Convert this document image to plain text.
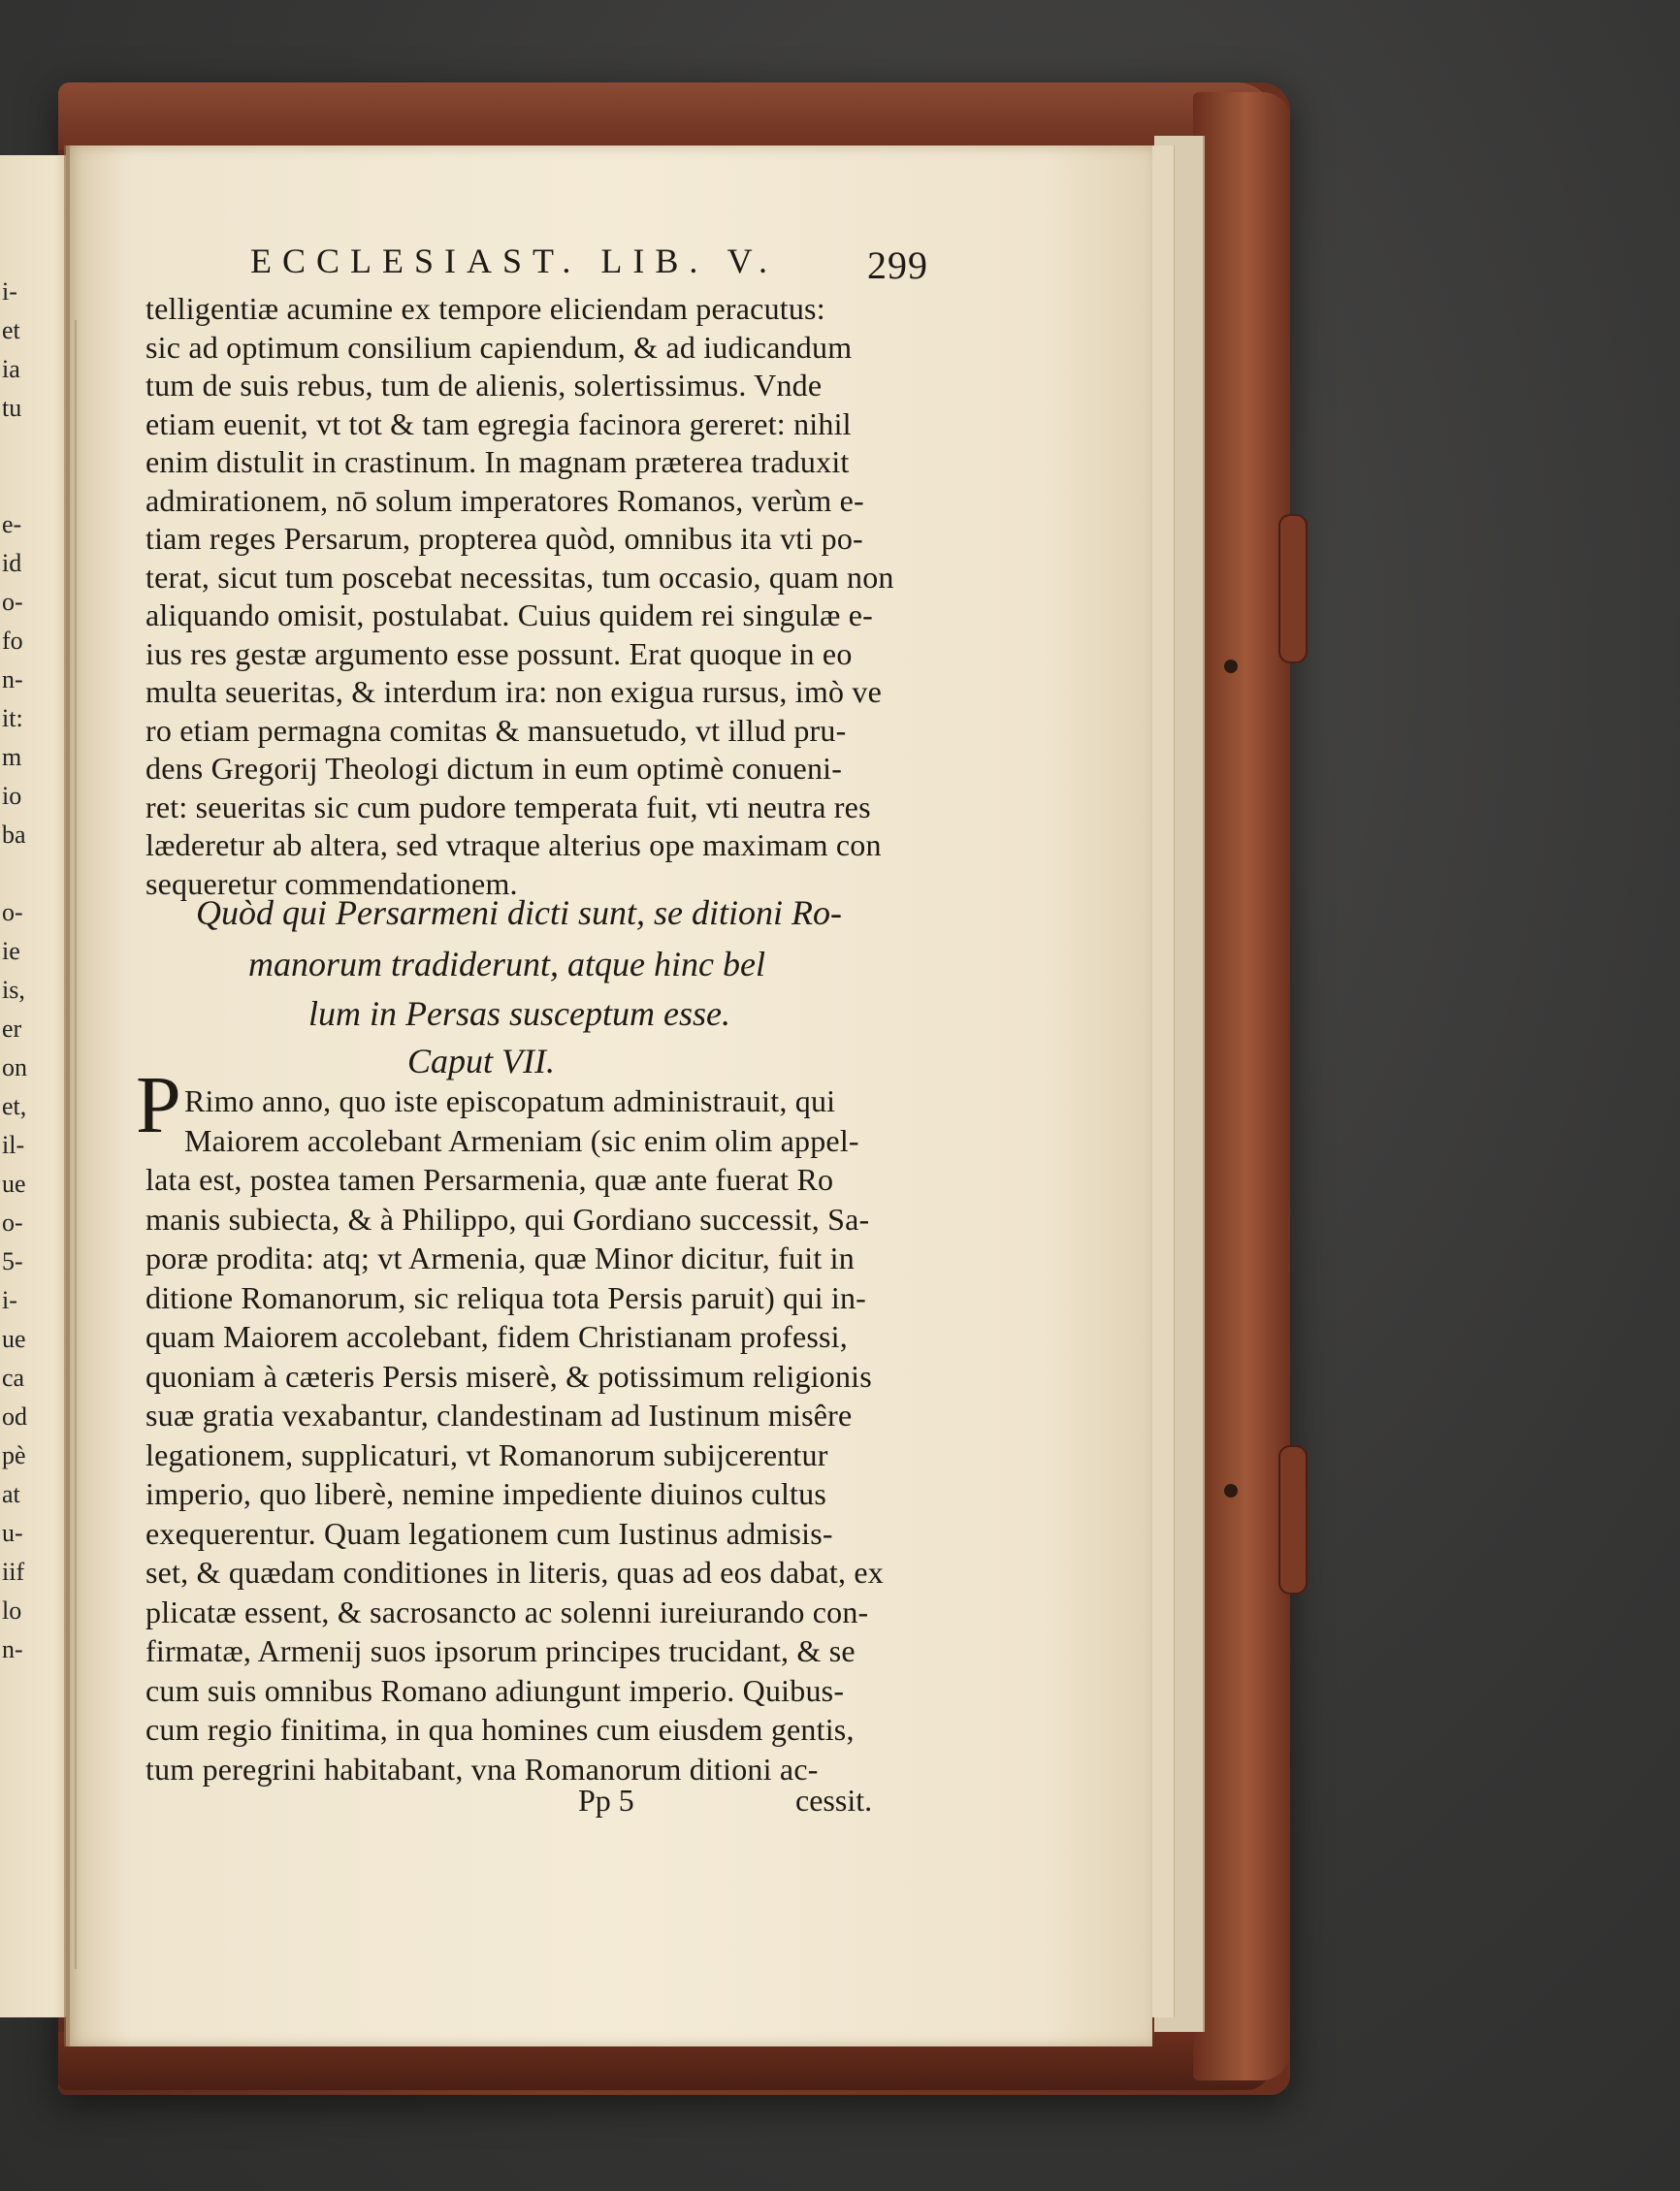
i-
et
ia
tu
e-
id
o-
fo
n-
it:
m
io
ba
o-
ie
is,
er
on
et,
il-
ue
o-
5-
i-
ue
ca
od
pè
at
u-
iif
lo
n-
ECCLESIAST. LIB. V. 299
telligentiæ acumine ex tempore eliciendam peracutus:
sic ad optimum consilium capiendum, & ad iudicandum
tum de suis rebus, tum de alienis, solertissimus. Vnde
etiam euenit, vt tot & tam egregia facinora gereret: nihil
enim distulit in crastinum. In magnam præterea traduxit
admirationem, nō solum imperatores Romanos, verùm e-
tiam reges Persarum, propterea quòd, omnibus ita vti po-
terat, sicut tum poscebat necessitas, tum occasio, quam non
aliquando omisit, postulabat. Cuius quidem rei singulæ e-
ius res gestæ argumento esse possunt. Erat quoque in eo
multa seueritas, & interdum ira: non exigua rursus, imò ve
ro etiam permagna comitas & mansuetudo, vt illud pru-
dens Gregorij Theologi dictum in eum optimè conueni-
ret: seueritas sic cum pudore temperata fuit, vti neutra res
læderetur ab altera, sed vtraque alterius ope maximam con
sequeretur commendationem.
Quòd qui Persarmeni dicti sunt, se ditioni Ro-
manorum tradiderunt, atque hinc bel
lum in Persas susceptum esse.
Caput VII.
P Rimo anno, quo iste episcopatum administrauit, qui
Maiorem accolebant Armeniam (sic enim olim appel-
lata est, postea tamen Persarmenia, quæ ante fuerat Ro
manis subiecta, & à Philippo, qui Gordiano successit, Sa-
poræ prodita: atq; vt Armenia, quæ Minor dicitur, fuit in
ditione Romanorum, sic reliqua tota Persis paruit) qui in-
quam Maiorem accolebant, fidem Christianam professi,
quoniam à cæteris Persis miserè, & potissimum religionis
suæ gratia vexabantur, clandestinam ad Iustinum misêre
legationem, supplicaturi, vt Romanorum subijcerentur
imperio, quo liberè, nemine impediente diuinos cultus
exequerentur. Quam legationem cum Iustinus admisis-
set, & quædam conditiones in literis, quas ad eos dabat, ex
plicatæ essent, & sacrosancto ac solenni iureiurando con-
firmatæ, Armenij suos ipsorum principes trucidant, & se
cum suis omnibus Romano adiungunt imperio. Quibus-
cum regio finitima, in qua homines cum eiusdem gentis,
tum peregrini habitabant, vna Romanorum ditioni ac-
Pp 5	cessit.
